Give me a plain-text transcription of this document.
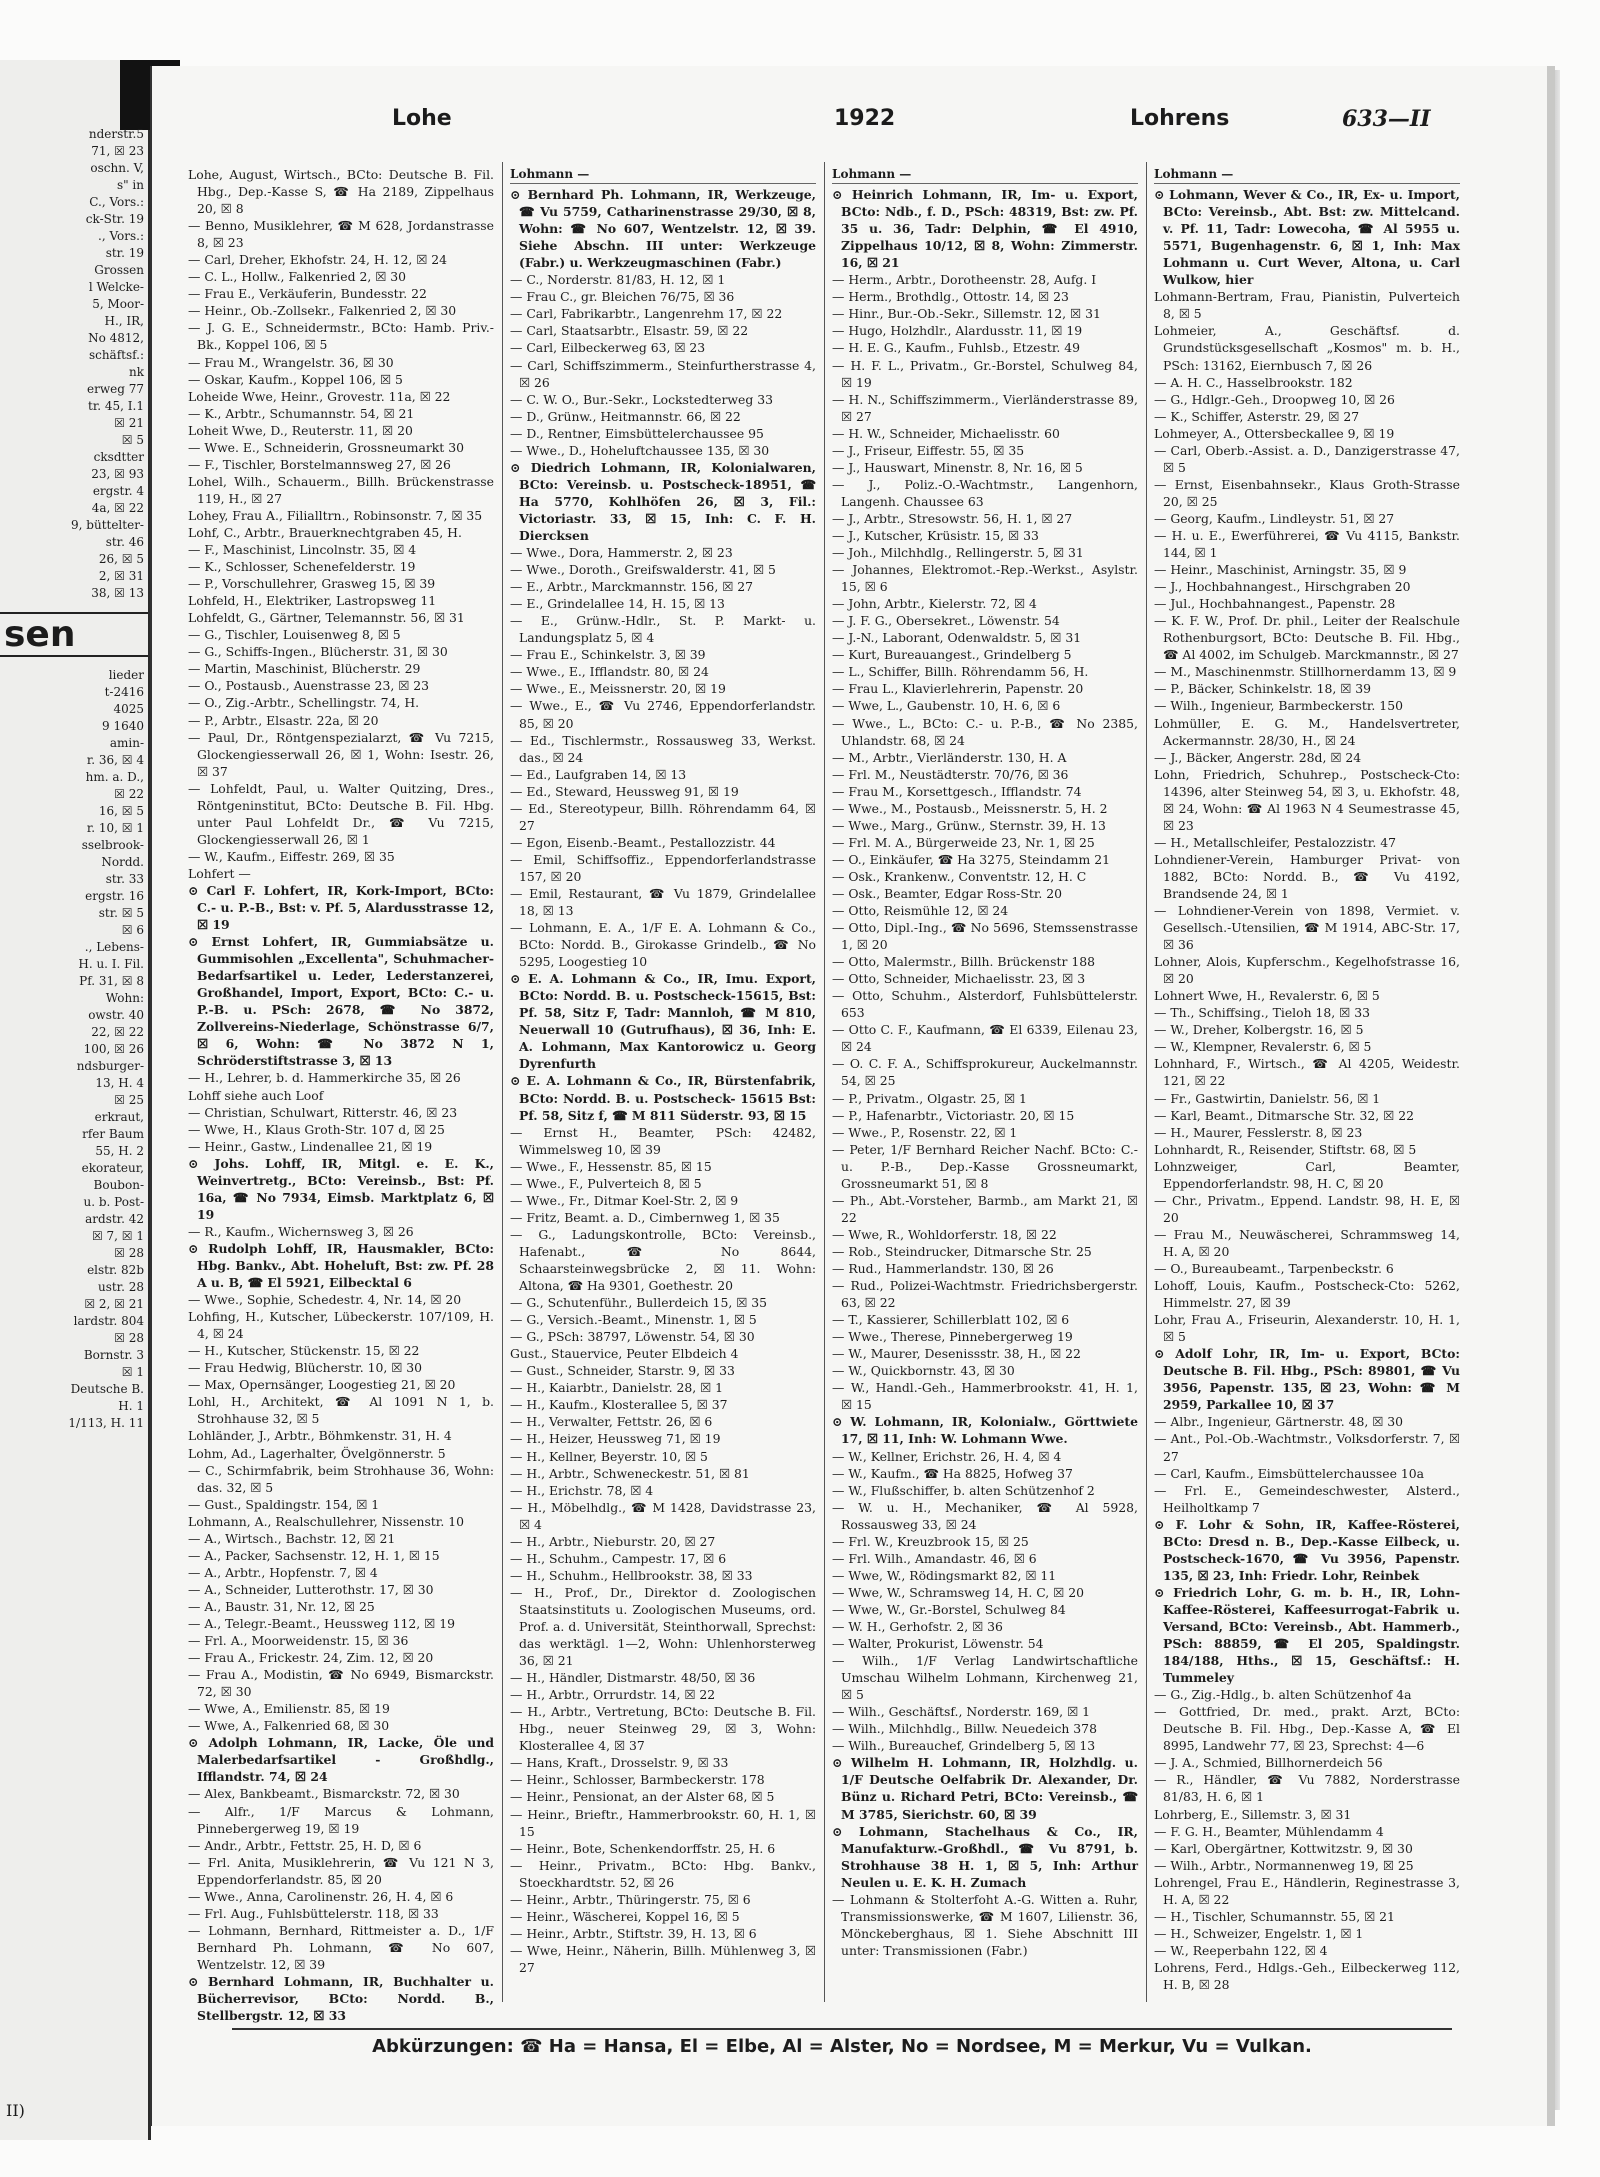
nderstr.5
71, ☒ 23
oschn. V,
s" in
C., Vors.:
ck-Str. 19
., Vors.:
str. 19
Grossen
l Welcke-
5, Moor-
H., IR,
No 4812,
schäftsf.:
nk
erweg 77
tr. 45, I.1
☒ 21
☒ 5
cksdtter
23, ☒ 93
ergstr. 4
4a, ☒ 22
9, büttelter-
str. 46
26, ☒ 5
2, ☒ 31
38, ☒ 13
sen
lieder
t-2416
4025
9 1640
amin-
r. 36, ☒ 4
hm. a. D.,
☒ 22
16, ☒ 5
r. 10, ☒ 1
sselbrook-
Nordd.
str. 33
ergstr. 16
str. ☒ 5
☒ 6
., Lebens-
H. u. I. Fil.
Pf. 31, ☒ 8
Wohn:
owstr. 40
22, ☒ 22
100, ☒ 26
ndsburger-
13, H. 4
☒ 25
erkraut,
rfer Baum
55, H. 2
ekorateur,
Boubon-
u. b. Post-
ardstr. 42
☒ 7, ☒ 1
☒ 28
elstr. 82b
ustr. 28
☒ 2, ☒ 21
lardstr. 804
☒ 28
Bornstr. 3
☒ 1
Deutsche B.
H. 1
1/113, H. 11
II)
Lohe	1922	Lohrens	633—II

Lohe, August, Wirtsch., BCto: Deutsche B. Fil. Hbg., Dep.-Kasse S, ☎ Ha 2189, Zippelhaus 20, ☒ 8

— Benno, Musiklehrer, ☎ M 628, Jordanstrasse 8, ☒ 23

— Carl, Dreher, Ekhofstr. 24, H. 12, ☒ 24

— C. L., Hollw., Falkenried 2, ☒ 30

— Frau E., Verkäuferin, Bundesstr. 22

— Heinr., Ob.-Zollsekr., Falkenried 2, ☒ 30

— J. G. E., Schneidermstr., BCto: Hamb. Priv.-Bk., Koppel 106, ☒ 5

— Frau M., Wrangelstr. 36, ☒ 30

— Oskar, Kaufm., Koppel 106, ☒ 5

Loheide Wwe, Heinr., Grovestr. 11a, ☒ 22

— K., Arbtr., Schumannstr. 54, ☒ 21

Loheit Wwe, D., Reuterstr. 11, ☒ 20

— Wwe. E., Schneiderin, Grossneumarkt 30

— F., Tischler, Borstelmannsweg 27, ☒ 26

Lohel, Wilh., Schauerm., Billh. Brückenstrasse 119, H., ☒ 27

Lohey, Frau A., Filialltrn., Robinsonstr. 7, ☒ 35

Lohf, C., Arbtr., Brauerknechtgraben 45, H.

— F., Maschinist, Lincolnstr. 35, ☒ 4

— K., Schlosser, Schenefelderstr. 19

— P., Vorschullehrer, Grasweg 15, ☒ 39

Lohfeld, H., Elektriker, Lastropsweg 11

Lohfeldt, G., Gärtner, Telemannstr. 56, ☒ 31

— G., Tischler, Louisenweg 8, ☒ 5

— G., Schiffs-Ingen., Blücherstr. 31, ☒ 30

— Martin, Maschinist, Blücherstr. 29

— O., Postausb., Auenstrasse 23, ☒ 23

— O., Zig.-Arbtr., Schellingstr. 74, H.

— P., Arbtr., Elsastr. 22a, ☒ 20

— Paul, Dr., Röntgenspezialarzt, ☎ Vu 7215, Glockengiesserwall 26, ☒ 1, Wohn: Isestr. 26, ☒ 37

— Lohfeldt, Paul, u. Walter Quitzing, Dres., Röntgeninstitut, BCto: Deutsche B. Fil. Hbg. unter Paul Lohfeldt Dr., ☎ Vu 7215, Glockengiesserwall 26, ☒ 1

— W., Kaufm., Eiffestr. 269, ☒ 35

Lohfert —

⊙ Carl F. Lohfert, IR, Kork-Import, BCto: C.- u. P.-B., Bst: v. Pf. 5, Alardusstrasse 12, ☒ 19

⊙ Ernst Lohfert, IR, Gummiabsätze u. Gummisohlen „Excellenta", Schuhmacher-Bedarfsartikel u. Leder, Lederstanzerei, Großhandel, Import, Export, BCto: C.- u. P.-B. u. PSch: 2678, ☎ No 3872, Zollvereins-Niederlage, Schönstrasse 6/7, ☒ 6, Wohn: ☎ No 3872 N 1, Schröderstiftstrasse 3, ☒ 13

— H., Lehrer, b. d. Hammerkirche 35, ☒ 26

Lohff siehe auch Loof

— Christian, Schulwart, Ritterstr. 46, ☒ 23

— Wwe, H., Klaus Groth-Str. 107 d, ☒ 25

— Heinr., Gastw., Lindenallee 21, ☒ 19

⊙ Johs. Lohff, IR, Mitgl. e. E. K., Weinvertretg., BCto: Vereinsb., Bst: Pf. 16a, ☎ No 7934, Eimsb. Marktplatz 6, ☒ 19

— R., Kaufm., Wichernsweg 3, ☒ 26

⊙ Rudolph Lohff, IR, Hausmakler, BCto: Hbg. Bankv., Abt. Hoheluft, Bst: zw. Pf. 28 A u. B, ☎ El 5921, Eilbecktal 6

— Wwe., Sophie, Schedestr. 4, Nr. 14, ☒ 20

Lohfing, H., Kutscher, Lübeckerstr. 107/109, H. 4, ☒ 24

— H., Kutscher, Stückenstr. 15, ☒ 22

— Frau Hedwig, Blücherstr. 10, ☒ 30

— Max, Opernsänger, Loogestieg 21, ☒ 20

Lohl, H., Architekt, ☎ Al 1091 N 1, b. Strohhause 32, ☒ 5

Lohländer, J., Arbtr., Böhmkenstr. 31, H. 4

Lohm, Ad., Lagerhalter, Övelgönnerstr. 5

— C., Schirmfabrik, beim Strohhause 36, Wohn: das. 32, ☒ 5

— Gust., Spaldingstr. 154, ☒ 1

Lohmann, A., Realschullehrer, Nissenstr. 10

— A., Wirtsch., Bachstr. 12, ☒ 21

— A., Packer, Sachsenstr. 12, H. 1, ☒ 15

— A., Arbtr., Hopfenstr. 7, ☒ 4

— A., Schneider, Lutterothstr. 17, ☒ 30

— A., Baustr. 31, Nr. 12, ☒ 25

— A., Telegr.-Beamt., Heussweg 112, ☒ 19

— Frl. A., Moorweidenstr. 15, ☒ 36

— Frau A., Frickestr. 24, Zim. 12, ☒ 20

— Frau A., Modistin, ☎ No 6949, Bismarckstr. 72, ☒ 30

— Wwe, A., Emilienstr. 85, ☒ 19

— Wwe, A., Falkenried 68, ☒ 30

⊙ Adolph Lohmann, IR, Lacke, Öle und Malerbedarfsartikel - Großhdlg., Ifflandstr. 74, ☒ 24

— Alex, Bankbeamt., Bismarckstr. 72, ☒ 30

— Alfr., 1/F Marcus & Lohmann, Pinnebergerweg 19, ☒ 19

— Andr., Arbtr., Fettstr. 25, H. D, ☒ 6

— Frl. Anita, Musiklehrerin, ☎ Vu 121 N 3, Eppendorferlandstr. 85, ☒ 20

— Wwe., Anna, Carolinenstr. 26, H. 4, ☒ 6

— Frl. Aug., Fuhlsbüttelerstr. 118, ☒ 33

— Lohmann, Bernhard, Rittmeister a. D., 1/F Bernhard Ph. Lohmann, ☎ No 607, Wentzelstr. 12, ☒ 39

⊙ Bernhard Lohmann, IR, Buchhalter u. Bücherrevisor, BCto: Nordd. B., Stellbergstr. 12, ☒ 33

Lohmann —

⊙ Bernhard Ph. Lohmann, IR, Werkzeuge, ☎ Vu 5759, Catharinenstrasse 29/30, ☒ 8, Wohn: ☎ No 607, Wentzelstr. 12, ☒ 39. Siehe Abschn. III unter: Werkzeuge (Fabr.) u. Werkzeugmaschinen (Fabr.)

— C., Norderstr. 81/83, H. 12, ☒ 1

— Frau C., gr. Bleichen 76/75, ☒ 36

— Carl, Fabrikarbtr., Langenrehm 17, ☒ 22

— Carl, Staatsarbtr., Elsastr. 59, ☒ 22

— Carl, Eilbeckerweg 63, ☒ 23

— Carl, Schiffszimmerm., Steinfurtherstrasse 4, ☒ 26

— C. W. O., Bur.-Sekr., Lockstedterweg 33

— D., Grünw., Heitmannstr. 66, ☒ 22

— D., Rentner, Eimsbüttelerchaussee 95

— Wwe., D., Hoheluftchaussee 135, ☒ 30

⊙ Diedrich Lohmann, IR, Kolonialwaren, BCto: Vereinsb. u. Postscheck-18951, ☎ Ha 5770, Kohlhöfen 26, ☒ 3, Fil.: Victoriastr. 33, ☒ 15, Inh: C. F. H. Diercksen

— Wwe., Dora, Hammerstr. 2, ☒ 23

— Wwe., Doroth., Greifswalderstr. 41, ☒ 5

— E., Arbtr., Marckmannstr. 156, ☒ 27

— E., Grindelallee 14, H. 15, ☒ 13

— E., Grünw.-Hdlr., St. P. Markt- u. Landungsplatz 5, ☒ 4

— Frau E., Schinkelstr. 3, ☒ 39

— Wwe., E., Ifflandstr. 80, ☒ 24

— Wwe., E., Meissnerstr. 20, ☒ 19

— Wwe., E., ☎ Vu 2746, Eppendorferlandstr. 85, ☒ 20

— Ed., Tischlermstr., Rossausweg 33, Werkst. das., ☒ 24

— Ed., Laufgraben 14, ☒ 13

— Ed., Steward, Heussweg 91, ☒ 19

— Ed., Stereotypeur, Billh. Röhrendamm 64, ☒ 27

— Egon, Eisenb.-Beamt., Pestallozzistr. 44

— Emil, Schiffsoffiz., Eppendorferlandstrasse 157, ☒ 20

— Emil, Restaurant, ☎ Vu 1879, Grindelallee 18, ☒ 13

— Lohmann, E. A., 1/F E. A. Lohmann & Co., BCto: Nordd. B., Girokasse Grindelb., ☎ No 5295, Loogestieg 10

⊙ E. A. Lohmann & Co., IR, Imu. Export, BCto: Nordd. B. u. Postscheck-15615, Bst: Pf. 58, Sitz F, Tadr: Mannloh, ☎ M 810, Neuerwall 10 (Gutrufhaus), ☒ 36, Inh: E. A. Lohmann, Max Kantorowicz u. Georg Dyrenfurth

⊙ E. A. Lohmann & Co., IR, Bürstenfabrik, BCto: Nordd. B. u. Postscheck- 15615 Bst: Pf. 58, Sitz f, ☎ M 811 Süderstr. 93, ☒ 15

— Ernst H., Beamter, PSch: 42482, Wimmelsweg 10, ☒ 39

— Wwe., F., Hessenstr. 85, ☒ 15

— Wwe., F., Pulverteich 8, ☒ 5

— Wwe., Fr., Ditmar Koel-Str. 2, ☒ 9

— Fritz, Beamt. a. D., Cimbernweg 1, ☒ 35

— G., Ladungskontrolle, BCto: Vereinsb., Hafenabt., ☎ No 8644, Schaarsteinwegsbrücke 2, ☒ 11. Wohn: Altona, ☎ Ha 9301, Goethestr. 20

— G., Schutenführ., Bullerdeich 15, ☒ 35

— G., Versich.-Beamt., Minenstr. 1, ☒ 5

— G., PSch: 38797, Löwenstr. 54, ☒ 30

Gust., Stauervice, Peuter Elbdeich 4

— Gust., Schneider, Starstr. 9, ☒ 33

— H., Kaiarbtr., Danielstr. 28, ☒ 1

— H., Kaufm., Klosterallee 5, ☒ 37

— H., Verwalter, Fettstr. 26, ☒ 6

— H., Heizer, Heussweg 71, ☒ 19

— H., Kellner, Beyerstr. 10, ☒ 5

— H., Arbtr., Schweneckestr. 51, ☒ 81

— H., Erichstr. 78, ☒ 4

— H., Möbelhdlg., ☎ M 1428, Davidstrasse 23, ☒ 4

— H., Arbtr., Nieburstr. 20, ☒ 27

— H., Schuhm., Campestr. 17, ☒ 6

— H., Schuhm., Hellbrookstr. 38, ☒ 33

— H., Prof., Dr., Direktor d. Zoologischen Staatsinstituts u. Zoologischen Museums, ord. Prof. a. d. Universität, Steinthorwall, Sprechst: das werktägl. 1—2, Wohn: Uhlenhorsterweg 36, ☒ 21

— H., Händler, Distmarstr. 48/50, ☒ 36

— H., Arbtr., Orrurdstr. 14, ☒ 22

— H., Arbtr., Vertretung, BCto: Deutsche B. Fil. Hbg., neuer Steinweg 29, ☒ 3, Wohn: Klosterallee 4, ☒ 37

— Hans, Kraft., Drosselstr. 9, ☒ 33

— Heinr., Schlosser, Barmbeckerstr. 178

— Heinr., Pensionat, an der Alster 68, ☒ 5

— Heinr., Brieftr., Hammerbrookstr. 60, H. 1, ☒ 15

— Heinr., Bote, Schenkendorffstr. 25, H. 6

— Heinr., Privatm., BCto: Hbg. Bankv., Stoeckhardtstr. 52, ☒ 26

— Heinr., Arbtr., Thüringerstr. 75, ☒ 6

— Heinr., Wäscherei, Koppel 16, ☒ 5

— Heinr., Arbtr., Stiftstr. 39, H. 13, ☒ 6

— Wwe, Heinr., Näherin, Billh. Mühlenweg 3, ☒ 27

Lohmann —

⊙ Heinrich Lohmann, IR, Im- u. Export, BCto: Ndb., f. D., PSch: 48319, Bst: zw. Pf. 35 u. 36, Tadr: Delphin, ☎ El 4910, Zippelhaus 10/12, ☒ 8, Wohn: Zimmerstr. 16, ☒ 21

— Herm., Arbtr., Dorotheenstr. 28, Aufg. I

— Herm., Brothdlg., Ottostr. 14, ☒ 23

— Hinr., Bur.-Ob.-Sekr., Sillemstr. 12, ☒ 31

— Hugo, Holzhdlr., Alardusstr. 11, ☒ 19

— H. E. G., Kaufm., Fuhlsb., Etzestr. 49

— H. F. L., Privatm., Gr.-Borstel, Schulweg 84, ☒ 19

— H. N., Schiffszimmerm., Vierländerstrasse 89, ☒ 27

— H. W., Schneider, Michaelisstr. 60

— J., Friseur, Eiffestr. 55, ☒ 35

— J., Hauswart, Minenstr. 8, Nr. 16, ☒ 5

— J., Poliz.-O.-Wachtmstr., Langenhorn, Langenh. Chaussee 63

— J., Arbtr., Stresowstr. 56, H. 1, ☒ 27

— J., Kutscher, Krüsistr. 15, ☒ 33

— Joh., Milchhdlg., Rellingerstr. 5, ☒ 31

— Johannes, Elektromot.-Rep.-Werkst., Asylstr. 15, ☒ 6

— John, Arbtr., Kielerstr. 72, ☒ 4

— J. F. G., Obersekret., Löwenstr. 54

— J.-N., Laborant, Odenwaldstr. 5, ☒ 31

— Kurt, Bureauangest., Grindelberg 5

— L., Schiffer, Billh. Röhrendamm 56, H.

— Frau L., Klavierlehrerin, Papenstr. 20

— Wwe, L., Gaubenstr. 10, H. 6, ☒ 6

— Wwe., L., BCto: C.- u. P.-B., ☎ No 2385, Uhlandstr. 68, ☒ 24

— M., Arbtr., Vierländerstr. 130, H. A

— Frl. M., Neustädterstr. 70/76, ☒ 36

— Frau M., Korsettgesch., Ifflandstr. 74

— Wwe., M., Postausb., Meissnerstr. 5, H. 2

— Wwe., Marg., Grünw., Sternstr. 39, H. 13

— Frl. M. A., Bürgerweide 23, Nr. 1, ☒ 25

— O., Einkäufer, ☎ Ha 3275, Steindamm 21

— Osk., Krankenw., Conventstr. 12, H. C

— Osk., Beamter, Edgar Ross-Str. 20

— Otto, Reismühle 12, ☒ 24

— Otto, Dipl.-Ing., ☎ No 5696, Stemssenstrasse 1, ☒ 20

— Otto, Malermstr., Billh. Brückenstr 188

— Otto, Schneider, Michaelisstr. 23, ☒ 3

— Otto, Schuhm., Alsterdorf, Fuhlsbüttelerstr. 653

— Otto C. F., Kaufmann, ☎ El 6339, Eilenau 23, ☒ 24

— O. C. F. A., Schiffsprokureur, Auckelmannstr. 54, ☒ 25

— P., Privatm., Olgastr. 25, ☒ 1

— P., Hafenarbtr., Victoriastr. 20, ☒ 15

— Wwe., P., Rosenstr. 22, ☒ 1

— Peter, 1/F Bernhard Reicher Nachf. BCto: C.- u. P.-B., Dep.-Kasse Grossneumarkt, Grossneumarkt 51, ☒ 8

— Ph., Abt.-Vorsteher, Barmb., am Markt 21, ☒ 22

— Wwe, R., Wohldorferstr. 18, ☒ 22

— Rob., Steindrucker, Ditmarsche Str. 25

— Rud., Hammerlandstr. 130, ☒ 26

— Rud., Polizei-Wachtmstr. Friedrichsbergerstr. 63, ☒ 22

— T., Kassierer, Schillerblatt 102, ☒ 6

— Wwe., Therese, Pinnebergerweg 19

— W., Maurer, Desenissstr. 38, H., ☒ 22

— W., Quickbornstr. 43, ☒ 30

— W., Handl.-Geh., Hammerbrookstr. 41, H. 1, ☒ 15

⊙ W. Lohmann, IR, Kolonialw., Görttwiete 17, ☒ 11, Inh: W. Lohmann Wwe.

— W., Kellner, Erichstr. 26, H. 4, ☒ 4

— W., Kaufm., ☎ Ha 8825, Hofweg 37

— W., Flußschiffer, b. alten Schützenhof 2

— W. u. H., Mechaniker, ☎ Al 5928, Rossausweg 33, ☒ 24

— Frl. W., Kreuzbrook 15, ☒ 25

— Frl. Wilh., Amandastr. 46, ☒ 6

— Wwe, W., Rödingsmarkt 82, ☒ 11

— Wwe, W., Schramsweg 14, H. C, ☒ 20

— Wwe, W., Gr.-Borstel, Schulweg 84

— W. H., Gerhofstr. 2, ☒ 36

— Walter, Prokurist, Löwenstr. 54

— Wilh., 1/F Verlag Landwirtschaftliche Umschau Wilhelm Lohmann, Kirchenweg 21, ☒ 5

— Wilh., Geschäftsf., Norderstr. 169, ☒ 1

— Wilh., Milchhdlg., Billw. Neuedeich 378

— Wilh., Bureauchef, Grindelberg 5, ☒ 13

⊙ Wilhelm H. Lohmann, IR, Holzhdlg. u. 1/F Deutsche Oelfabrik Dr. Alexander, Dr. Bünz u. Richard Petri, BCto: Vereinsb., ☎ M 3785, Sierichstr. 60, ☒ 39

⊙ Lohmann, Stachelhaus & Co., IR, Manufakturw.-Großhdl., ☎ Vu 8791, b. Strohhause 38 H. 1, ☒ 5, Inh: Arthur Neulen u. E. K. H. Zumach

— Lohmann & Stolterfoht A.-G. Witten a. Ruhr, Transmissionswerke, ☎ M 1607, Lilienstr. 36, Mönckeberghaus, ☒ 1. Siehe Abschnitt III unter: Transmissionen (Fabr.)

Lohmann —

⊙ Lohmann, Wever & Co., IR, Ex- u. Import, BCto: Vereinsb., Abt. Bst: zw. Mittelcand. v. Pf. 11, Tadr: Lowecoha, ☎ Al 5955 u. 5571, Bugenhagenstr. 6, ☒ 1, Inh: Max Lohmann u. Curt Wever, Altona, u. Carl Wulkow, hier

Lohmann-Bertram, Frau, Pianistin, Pulverteich 8, ☒ 5

Lohmeier, A., Geschäftsf. d. Grundstücksgesellschaft „Kosmos" m. b. H., PSch: 13162, Eiernbusch 7, ☒ 26

— A. H. C., Hasselbrookstr. 182

— G., Hdlgr.-Geh., Droopweg 10, ☒ 26

— K., Schiffer, Asterstr. 29, ☒ 27

Lohmeyer, A., Ottersbeckallee 9, ☒ 19

— Carl, Oberb.-Assist. a. D., Danzigerstrasse 47, ☒ 5

— Ernst, Eisenbahnsekr., Klaus Groth-Strasse 20, ☒ 25

— Georg, Kaufm., Lindleystr. 51, ☒ 27

— H. u. E., Ewerführerei, ☎ Vu 4115, Bankstr. 144, ☒ 1

— Heinr., Maschinist, Arningstr. 35, ☒ 9

— J., Hochbahnangest., Hirschgraben 20

— Jul., Hochbahnangest., Papenstr. 28

— K. F. W., Prof. Dr. phil., Leiter der Realschule Rothenburgsort, BCto: Deutsche B. Fil. Hbg., ☎ Al 4002, im Schulgeb. Marckmannstr., ☒ 27

— M., Maschinenmstr. Stillhornerdamm 13, ☒ 9

— P., Bäcker, Schinkelstr. 18, ☒ 39

— Wilh., Ingenieur, Barmbeckerstr. 150

Lohmüller, E. G. M., Handelsvertreter, Ackermannstr. 28/30, H., ☒ 24

— J., Bäcker, Angerstr. 28d, ☒ 24

Lohn, Friedrich, Schuhrep., Postscheck-Cto: 14396, alter Steinweg 54, ☒ 3, u. Ekhofstr. 48, ☒ 24, Wohn: ☎ Al 1963 N 4 Seumestrasse 45, ☒ 23

— H., Metallschleifer, Pestalozzistr. 47

Lohndiener-Verein, Hamburger Privat- von 1882, BCto: Nordd. B., ☎ Vu 4192, Brandsende 24, ☒ 1

— Lohndiener-Verein von 1898, Vermiet. v. Gesellsch.-Utensilien, ☎ M 1914, ABC-Str. 17, ☒ 36

Lohner, Alois, Kupferschm., Kegelhofstrasse 16, ☒ 20

Lohnert Wwe, H., Revalerstr. 6, ☒ 5

— Th., Schiffsing., Tieloh 18, ☒ 33

— W., Dreher, Kolbergstr. 16, ☒ 5

— W., Klempner, Revalerstr. 6, ☒ 5

Lohnhard, F., Wirtsch., ☎ Al 4205, Weidestr. 121, ☒ 22

— Fr., Gastwirtin, Danielstr. 56, ☒ 1

— Karl, Beamt., Ditmarsche Str. 32, ☒ 22

— H., Maurer, Fesslerstr. 8, ☒ 23

Lohnhardt, R., Reisender, Stiftstr. 68, ☒ 5

Lohnzweiger, Carl, Beamter, Eppendorferlandstr. 98, H. C, ☒ 20

— Chr., Privatm., Eppend. Landstr. 98, H. E, ☒ 20

— Frau M., Neuwäscherei, Schrammsweg 14, H. A, ☒ 20

— O., Bureaubeamt., Tarpenbeckstr. 6

Lohoff, Louis, Kaufm., Postscheck-Cto: 5262, Himmelstr. 27, ☒ 39

Lohr, Frau A., Friseurin, Alexanderstr. 10, H. 1, ☒ 5

⊙ Adolf Lohr, IR, Im- u. Export, BCto: Deutsche B. Fil. Hbg., PSch: 89801, ☎ Vu 3956, Papenstr. 135, ☒ 23, Wohn: ☎ M 2959, Parkallee 10, ☒ 37

— Albr., Ingenieur, Gärtnerstr. 48, ☒ 30

— Ant., Pol.-Ob.-Wachtmstr., Volksdorferstr. 7, ☒ 27

— Carl, Kaufm., Eimsbüttelerchaussee 10a

— Frl. E., Gemeindeschwester, Alsterd., Heilholtkamp 7

⊙ F. Lohr & Sohn, IR, Kaffee-Rösterei, BCto: Dresd n. B., Dep.-Kasse Eilbeck, u. Postscheck-1670, ☎ Vu 3956, Papenstr. 135, ☒ 23, Inh: Friedr. Lohr, Reinbek

⊙ Friedrich Lohr, G. m. b. H., IR, Lohn-Kaffee-Rösterei, Kaffeesurrogat-Fabrik u. Versand, BCto: Vereinsb., Abt. Hammerb., PSch: 88859, ☎ El 205, Spaldingstr. 184/188, Hths., ☒ 15, Geschäftsf.: H. Tummeley

— G., Zig.-Hdlg., b. alten Schützenhof 4a

— Gottfried, Dr. med., prakt. Arzt, BCto: Deutsche B. Fil. Hbg., Dep.-Kasse A, ☎ El 8995, Landwehr 77, ☒ 23, Sprechst: 4—6

— J. A., Schmied, Billhornerdeich 56

— R., Händler, ☎ Vu 7882, Norderstrasse 81/83, H. 6, ☒ 1

Lohrberg, E., Sillemstr. 3, ☒ 31

— F. G. H., Beamter, Mühlendamm 4

— Karl, Obergärtner, Kottwitzstr. 9, ☒ 30

— Wilh., Arbtr., Normannenweg 19, ☒ 25

Lohrengel, Frau E., Händlerin, Reginestrasse 3, H. A, ☒ 22

— H., Tischler, Schumannstr. 55, ☒ 21

— H., Schweizer, Engelstr. 1, ☒ 1

— W., Reeperbahn 122, ☒ 4

Lohrens, Ferd., Hdlgs.-Geh., Eilbeckerweg 112, H. B, ☒ 28

Abkürzungen: ☎ Ha = Hansa, El = Elbe, Al = Alster, No = Nordsee, M = Merkur, Vu = Vulkan.
